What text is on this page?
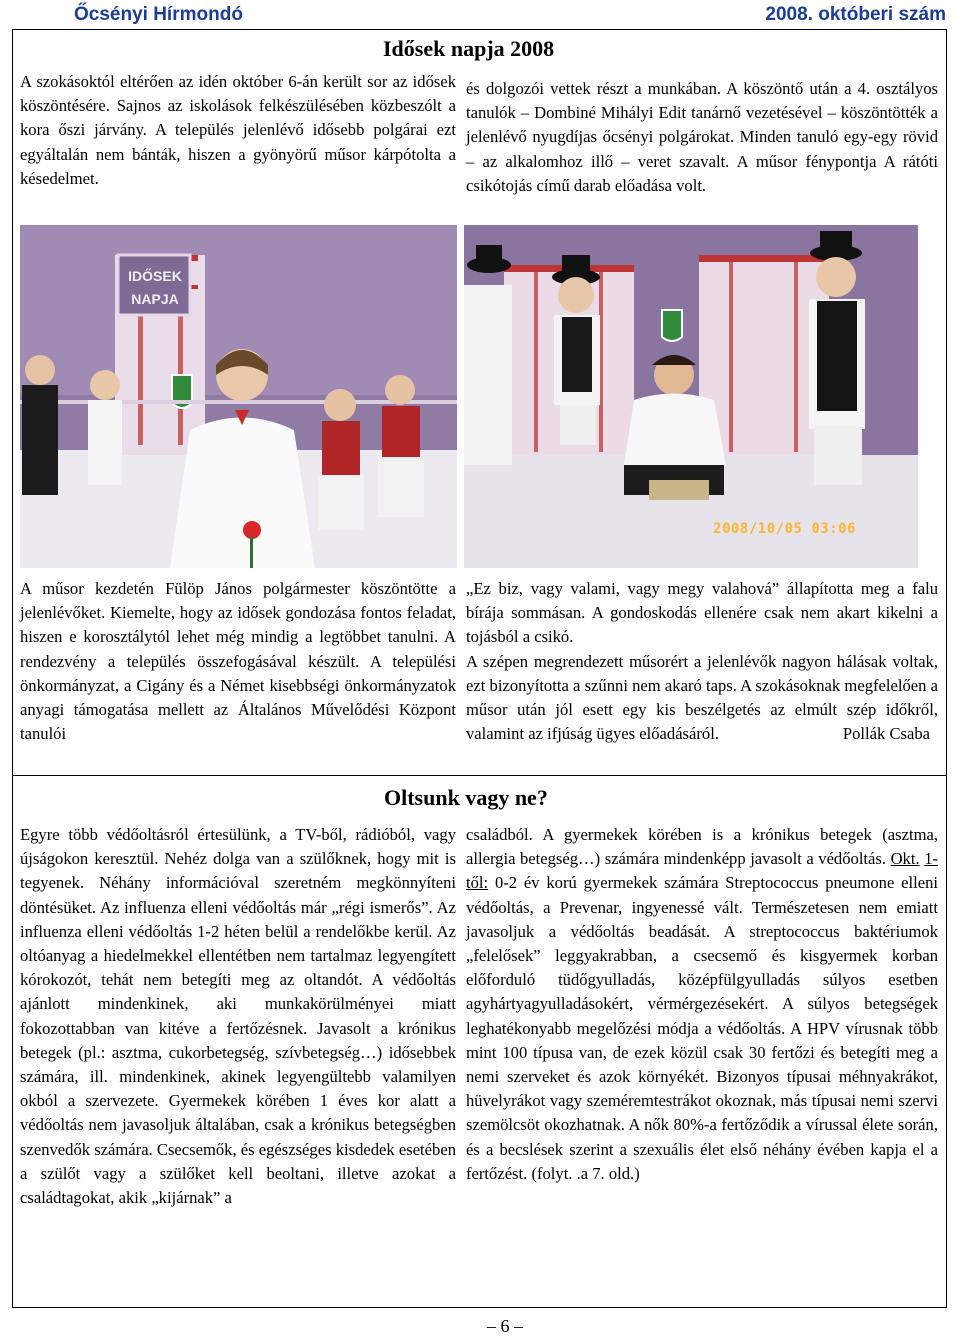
Őcsényi Hírmondó	2008. októberi szám
Idősek napja 2008

A szokásoktól eltérően az idén október 6-án került sor az idősek köszöntésére. Sajnos az iskolások felkészülésében közbeszólt a kora őszi járvány. A település jelenlévő idősebb polgárai ezt egyáltalán nem bánták, hiszen a gyönyörű műsor kárpótolta a késedelmet.

és dolgozói vettek részt a munkában. A köszöntő után a 4. osztályos tanulók – Dombiné Mihályi Edit tanárnő vezetésével – köszöntötték a jelenlévő nyugdíjas őcsényi polgárokat. Minden tanuló egy-egy rövid – az alkalomhoz illő – veret szavalt. A műsor fénypontja A rátóti csikótojás című darab előadása volt.

IDŐSEK NAPJA
2008/10/05 03:06

A műsor kezdetén Fülöp János polgármester köszöntötte a jelenlévőket. Kiemelte, hogy az idősek gondozása fontos feladat, hiszen e korosztálytól lehet még mindig a legtöbbet tanulni. A rendezvény a település összefogásával készült. A települési önkormányzat, a Cigány és a Német kisebbségi önkormányzatok anyagi támogatása mellett az Általános Művelődési Központ tanulói

„Ez biz, vagy valami, vagy megy valahová” állapította meg a falu bírája sommásan. A gondoskodás ellenére csak nem akart kikelni a tojásból a csikó.

A szépen megrendezett műsorért a jelenlévők nagyon hálásak voltak, ezt bizonyította a szűnni nem akaró taps. A szokásoknak megfelelően a műsor után jól esett egy kis beszélgetés az elmúlt szép időkről, valamint az ifjúság ügyes előadásáról.	Pollák Csaba

Oltsunk vagy ne?

Egyre több védőoltásról értesülünk, a TV-ből, rádióból, vagy újságokon keresztül. Nehéz dolga van a szülőknek, hogy mit is tegyenek. Néhány információval szeretném megkönnyíteni döntésüket. Az influenza elleni védőoltás már „régi ismerős”. Az influenza elleni védőoltás 1-2 héten belül a rendelőkbe kerül. Az oltóanyag a hiedelmekkel ellentétben nem tartalmaz legyengített kórokozót, tehát nem betegíti meg az oltandót. A védőoltás ajánlott mindenkinek, aki munkakörülményei miatt fokozottabban van kitéve a fertőzésnek. Javasolt a krónikus betegek (pl.: asztma, cukorbetegség, szívbetegség…) idősebbek számára, ill. mindenkinek, akinek legyengültebb valamilyen okból a szervezete. Gyermekek körében 1 éves kor alatt a védőoltás nem javasoljuk általában, csak a krónikus betegségben szenvedők számára. Csecsemők, és egészséges kisdedek esetében a szülőt vagy a szülőket kell beoltani, illetve azokat a családtagokat, akik „kijárnak” a

családból. A gyermekek körében is a krónikus betegek (asztma, allergia betegség…) számára mindenképp javasolt a védőoltás. Okt. 1-től: 0-2 év korú gyermekek számára Streptococcus pneumone elleni védőoltás, a Prevenar, ingyenessé vált. Természetesen nem emiatt javasoljuk a védőoltás beadását. A streptococcus baktériumok „felelősek” leggyakrabban, a csecsemő és kisgyermek korban előforduló tüdőgyulladás, középfülgyulladás súlyos esetben agyhártyagyulladásokért, vérmérgezésekért. A súlyos betegségek leghatékonyabb megelőzési módja a védőoltás. A HPV vírusnak több mint 100 típusa van, de ezek közül csak 30 fertőzi és betegíti meg a nemi szerveket és azok környékét. Bizonyos típusai méhnyakrákot, hüvelyrákot vagy szeméremtestrákot okoznak, más típusai nemi szervi szemölcsöt okozhatnak. A nők 80%-a fertőződik a vírussal élete során, és a becslések szerint a szexuális élet első néhány évében kapja el a fertőzést. (folyt. .a 7. old.)

– 6 –
